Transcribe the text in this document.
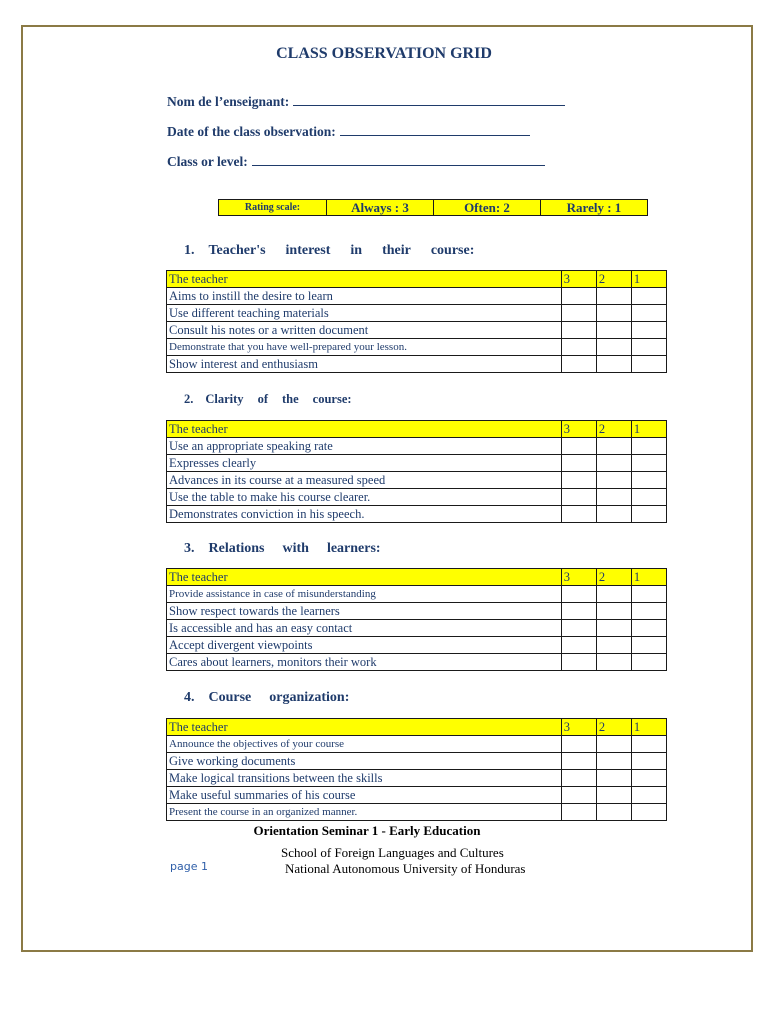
CLASS OBSERVATION GRID
Nom de l’enseignant:
Date of the class observation:
Class or level:
Rating scale:	Always : 3	Often: 2	Rarely : 1
1. Teacher's interest in their course:
The teacher	3	2	1
Aims to instill the desire to learn			
Use different teaching materials			
Consult his notes or a written document			
Demonstrate that you have well-prepared your lesson.			
Show interest and enthusiasm			
2. Clarity of the course:
The teacher	3	2	1
Use an appropriate speaking rate			
Expresses clearly			
Advances in its course at a measured speed			
Use the table to make his course clearer.			
Demonstrates conviction in his speech.			
3. Relations with learners:
The teacher	3	2	1
Provide assistance in case of misunderstanding			
Show respect towards the learners			
Is accessible and has an easy contact			
Accept divergent viewpoints			
Cares about learners, monitors their work			
4. Course organization:
The teacher	3	2	1
Announce the objectives of your course			
Give working documents			
Make logical transitions between the skills			
Make useful summaries of his course			
Present the course in an organized manner.			
Orientation Seminar 1 - Early Education
School of Foreign Languages and Cultures
National Autonomous University of Honduras
page 1
